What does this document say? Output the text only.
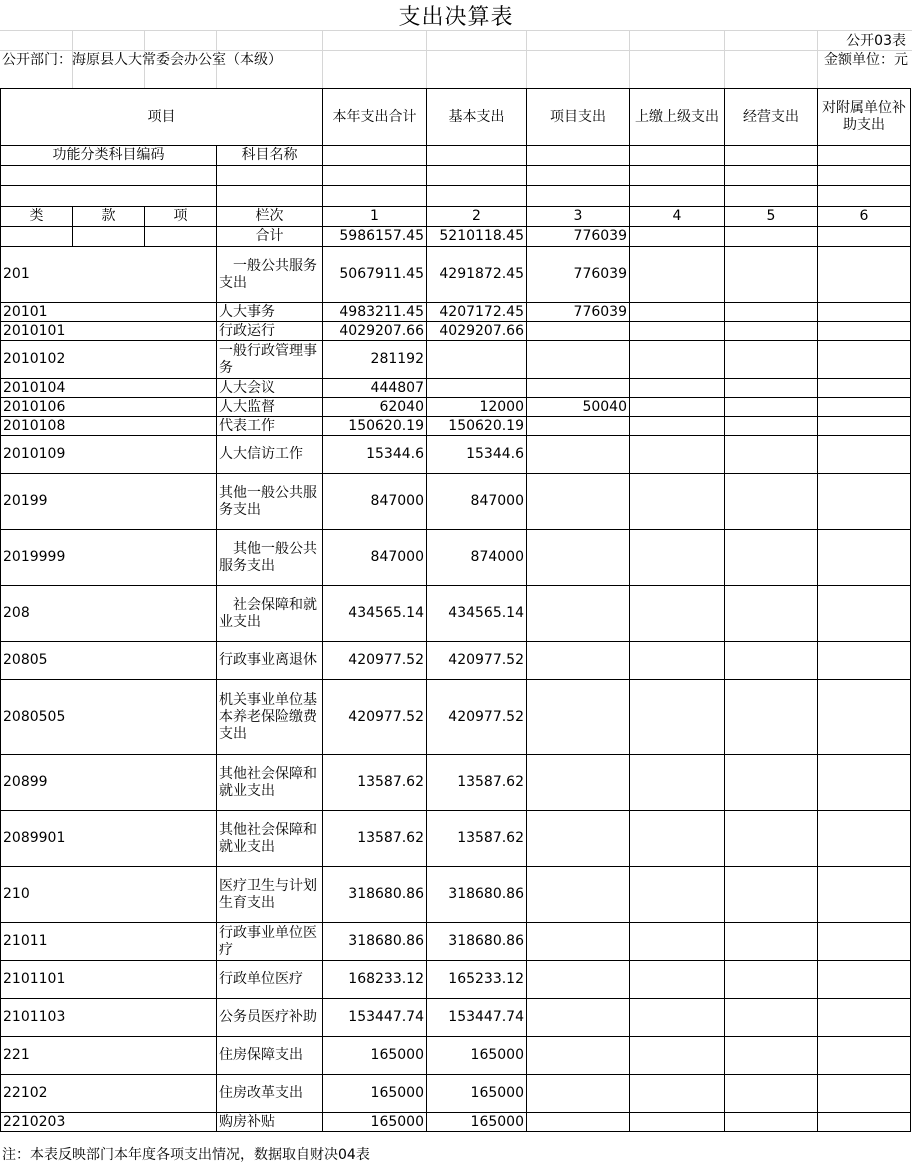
支出决算表
公开03表
公开部门：海原县人大常委会办公室（本级）	金额单位：元
项目				本年支出合计	基本支出	项目支出	上缴上级支出	经营支出	对附属单位补助支出
功能分类科目编码			科目名称						

类	款	项	栏次	1	2	3	4	5	6
			合计	5986157.45	5210118.45	776039			
201			　一般公共服务支出	5067911.45	4291872.45	776039			
20101			人大事务	4983211.45	4207172.45	776039			
2010101			行政运行	4029207.66	4029207.66				
2010102			一般行政管理事务	281192					
2010104			人大会议	444807					
2010106			人大监督	62040	12000	50040			
2010108			代表工作	150620.19	150620.19				
2010109			人大信访工作	15344.6	15344.6				
20199			其他一般公共服务支出	847000	847000				
2019999			　其他一般公共服务支出	847000	874000				
208			　社会保障和就业支出	434565.14	434565.14				
20805			行政事业离退休	420977.52	420977.52				
2080505			机关事业单位基本养老保险缴费支出	420977.52	420977.52				
20899			其他社会保障和就业支出	13587.62	13587.62				
2089901			其他社会保障和就业支出	13587.62	13587.62				
210			医疗卫生与计划生育支出	318680.86	318680.86				
21011			行政事业单位医疗	318680.86	318680.86				
2101101			行政单位医疗	168233.12	165233.12				
2101103			公务员医疗补助	153447.74	153447.74				
221			住房保障支出	165000	165000				
22102			住房改革支出	165000	165000				
2210203			购房补贴	165000	165000				
注：本表反映部门本年度各项支出情况，数据取自财决04表
